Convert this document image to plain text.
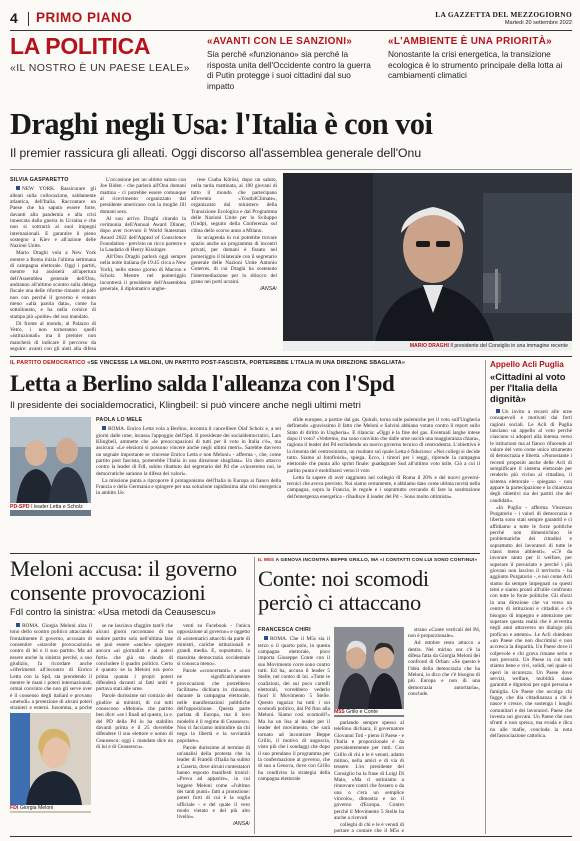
4	PRIMO PIANO	LA GAZZETTA DEL MEZZOGIORNO
Martedì 20 settembre 2022
LA POLITICA
«IL NOSTRO È UN PAESE LEALE»
«AVANTI CON LE SANZIONI»
Sia perché «funzionano» sia perché la risposta unita dell'Occidente contro la guerra di Putin protegge i suoi cittadini dal suo impatto
«L'AMBIENTE È UNA PRIORITÀ»
Nonostante la crisi energetica, la transizione ecologica è lo strumento principale della lotta ai cambiamenti climatici
Draghi negli Usa: l'Italia è con voi
Il premier rassicura gli alleati. Oggi discorso all'assemblea generale dell'Onu
SILVIA GASPARETTO

NEW YORK. Rassicurare gli alleati sulla collocazione, saldamente atlantica, dell'Italia. Raccontare un Paese che ha saputo essere forte, davanti alla pandemia e alla crisi innescata dalla guerra in Ucraina e che non si sottrarrà ai suoi impegni internazionali. E garantire il pieno sostegno a Kiev e all'azione delle Nazioni Unite.

Mario Draghi vola a New York mentre a Roma inizia l'ultima settimana di campagna elettorale. Oggi i partiti, mentre lui assisterà all'apertura dell'Assemblea generale dell'Onu, andranno all'ultimo scontro sulla delega fiscale una delle riforme rimaste al palo non con perché il governo è venuto meno «alla parola data», come ha sottolineato, e ha nella cornice di stampa più «polite» del suo mandato.

Di fronte al mondo, al Palazzo di Vetro, i non torneranno quelli «istituzionali» ma il premier non mancherà di indicare il percorso da seguire: avanti con gli aiuti alla difesa

L'occasione per un ultimo saluto con Joe Biden - che parlerà all'Onu domani mattina - ci potrebbe essere comunque al ricevimento organizzato dal presidente americano con la moglie Jill domani sera.

Al suo arrivo Draghi citando la cerimonia dell'Annual Award Dinner, dopo aver ricevuto il World Statesman Award 2022 dell'Appeal of Conscience Foundation - previsto un ricco parterre e la Laudatio di Henry Kissinger.

All'Onu Draghi parlerà oggi sempre nella notte italiana (le 19.45 circa a New York), nello stesso giorno di Macron e Scholz. Mentre nel pomeriggio incontrerà il presidente dell'Assemblea generale, il diplomatico unghe-

rese Csaba Kőrösi, dopo un saluto, nella tarda mattinata, ai 100 giovani di tutto il mondo che partecipano all'evento «Youth4Climate», organizzato dal ministero della Transizione Ecologica e dal Programma delle Nazioni Unite per lo Sviluppo (Undp), seguito della Conferenza sul clima dello scorso anno a Milano.

In un'agenda in cui potrebbe trovare spazio anche un programma di incontri privati, per domani è fissato nel pomeriggio il bilaterale con il segretario generale delle Nazioni Unite Antonio Guterres, di cui Draghi ha sostenuto l'intermediazione per lo sblocco del grano nei porti ucraini.

/ANSA/
MARIO DRAGHI Il presidente del Consiglio in una immagine recente
IL PARTITO DEMOCRATICO «SE VINCESSE LA MELONI, UN PARTITO POST-FASCISTA, PORTEREBBE L'ITALIA IN UNA DIREZIONE SBAGLIATA»
Letta a Berlino salda l'alleanza con l'Spd
Il presidente dei socialdemocratici, Klingbeil: si può vincere anche negli ultimi metri
PD-SPD I leader Letta e Scholz
PAOLA LO MELE

ROMA. Enrico Letta vola a Berlino, incontra il cancelliere Olaf Scholz e, a sei giorni dalle urne, incassa l'appoggio dell'Spd. Il presidente dei socialdemocratici, Lars Klingbeil, ammette che «le preoccupazioni di tutti per il voto in Italia c'è», ma assicura: «Le elezioni si possono vincere anche negli ultimi metri». Sarebbe davvero un segnale importante se vincesse Enrico Letta e non Meloni» - afferma -, che, come partito post fascista, porterebbe l'Italia in una direzione sbagliata». Un duro attacco contro la leader di FdI, subito ribattuto dal segretario del Pd che «vinceremo noi, le democratiche saranno la difesa dei valori».

La missione punta a riproporre il protagonismo dell'Italia in Europa ai fianco della Francia e della Germania e spingere per una soluzione rapidissima alla crisi energetica in ambito Ue.

sfide europee, a partire dal gas. Quindi, torna sulle polemiche per il voto sull'Ungheria definendo «gravissimo il fatto che Meloni e Salvini abbiano votato contro il report sullo Stato di diritto in Ungheria». E rilancia: «Oggi è la fine del gas. Eventuali larghe intese dopo il voto? «Vedremo, ma sono convinto che dalle urne uscirà una maggioranza chiara», ragiona il leader del Pd escludendo un nuovo governo tecnico di centrodestra. L'obiettivo è la rimonta del centrosinistra, un risultato sul quale Letta è fiducioso: «Nei collegi si decide tutto. Siamo al fotofinish», spiega. Ecco, i timori per i seggi, riprende la campagna elettorale che punta allo sprint finale: guadagnare Sud all'ultimo voto utile. Ciò a cui il partito punta è mobilitarsi verso il voto

Letta fa sapere di aver raggiunto nel collegio di Roma il 20% e dei nuovi governi-tecnici che aveva previsto. Noi siamo certamente, e abbiamo dato come ultima novità nella campagna, sopra la Francia, le regole e i soprattutto cercando di fare la sostituzione dell'emergenza energetica - ribadisce il leader del Pd -. Sono molto ottimista».

Appello Acli Puglia
«Cittadini al voto per l'Italia della dignità»

Un invito a recarsi alle urne consapevoli e motivati dai forti ragioni sociali. Le Acli di Puglia lanciano un appello al voto perché ciascuno si adoperi alla intensa verso le istituzioni ma al fianco rifacendo al valore del voto come unico strumento di democrazia e libertà. «Nonostante i recenti propositi anche delle Acli di semplificare il sistema elettorale per renderlo più vicino al cittadino, il sistema elettorale - spiegano - non appare la partecipazione e la chiarezza degli obiettivi sia dei partiti che dei candidati».

«In Puglia - afferma Vincenzo Purgatorio - i valori di democrazia e liberta sono stati sempre garantiti e ci affidiamo a tutte le forze politiche perché non dimentichino le problematiche dei cittadini e soprattutto dei lavoratori di tutte le classi meno abbienti». «C'è da lavorare tanto per il welfare, per superare il precariato e perché i più giovani non lascino il territorio - ha aggiunto Purgatorio -, e noi come Acli siamo da sempre impegnati su questi temi e siamo pronti all'utile confronto con tutte le forze politiche. Gli sforzi in una direzione che va verso un centro di istituzioni e cittadini e c'è bisogno di impegno e attenzione per superare questa realtà che è avvertita negli anni attraverso un dialogo più proficuo e attento». Le Acli chiedono «un Paese che non discrimini e non accresca la disparità. Un Paese dove il colpevole e chi grava rimane serio e non prevarrà. Un Paese in cui tutti stiamo bene e vivi, solidi, nel quale si operi in sicurezza. Un Paese dove servizi, welfare, mobilità siano garantiti e dignitosi per ogni persona e famiglia. Un Paese che accolga chi fugge, che dia cittadinanza a chi è nasce e cresce, che sostenga i luoghi comunitari e dei lavoratori. Paese che investa sui giovani. Un Paese che non sfrutti e non spreca, ma evada e dica no alle mafie, concluda la nota dell'associazione cattolica.

Meloni accusa: il governo consente provocazioni
FdI contro la sinistra: «Usa metodi da Ceausescu»

ROMA. Giorgia Meloni alza il tono dello scontro politico attaccando frontalmente il governo, accusato di consentire «stavolte provocazioni» contro di lei e il suo partito. Ma ad essere anche la sinistra perché, a suo giudizio, fa ricordare anche «riferimenti all'incontro di Enrico Letta con la Spd, sta prendendo il mentre le mani i poteri internazionali, ormai convinto che non gli serve over è il consenso degli italiani e provano «metodi» a protezione di alcuni poteri stranieri e esterni. Insomma, a poche

FDI Giorgia Meloni

se ne lasciava sfuggire tant'è che alcuni giorni raccontano di un sudore partito solo nell'ultima fase se può essere «anche» spiegare ancora «ai giornalisti e ai poteri forti» che già sta dando di concludere il quadro politico. Certo è quanto: se la Meloni era poco prima quanta i propri poteri difenderà davanti ai fatti uniti e portava stati alle urne.

Parole durissime sul comizio del giudice ai ministri, di cui tutti conoscono «Meloni» che partito ben dice: «se i finali ad questo, la e. del PD della Pd lo ha stabilito davanti prima e il 25 dovrebbe difendere il suo elettore e uomo di Ceausescu: oggi i. mandato dice un di lui e di Ceausescu».

venti su Facebook - l'unica opposizione al governo» e oggetto di «sistematici attacchi da parte di ministri, cariche istituzionali e grandi media. E, soprattutto, la massima democrazia occidentale si conosca meno».

Parole «sconcertanti» e «non ne significativamente provocazioni che potrebbero facilitare» dichiara in chiusura, durante la campagna elettorale, nelle manifestazioni pubbliche dell'opposizione. Questa parte parlata di Europa, ma il loro modello è il regime di Ceausescu. Non ci facciamo intimidire da chi nega la libertà e la sovranità popolare».

Parole durissime al termine di un'analisi della protesta che la leader di Fratelli d'Italia ha subito a Caserta, dove alcuni contestatori hanno esposto manifesti ironici: «Prova ad apparire», in cui leggere Meloni come «l'ultimo dei tanti punti» fatti a protezione: poteri forti di cui è la soglia ufficiale - e del quale il vero modo vietato e del più alto livello».

/ANSA/
IL M5S A GENOVA INCONTRA BEPPE GRILLO, MA «I CONTATTI CON LUI SONO CONTINUI»
Conte: noi scomodi perciò ci attaccano
FRANCESCA CHIRI

ROMA. Che il M5s sia il terzo o il quarto polo, in questa campagna elettorale, poco importa Giuseppe Conte con il suo Movimento corre sono contro tutti. Ed ha, accusa il leader 5 Stelle, nel contro di lui. «Tutte le coalizioni, dei sui poco cartelli elettorali, vorrebbero vederlo fuori il Movimento 5 Stelle. Questo ragazzo ha tutti i soi scomodi politico, dal Pd fino alla Meloni. Siamo così scomodi?» Ma ha un lisa al leader per il leader del movimento, che sarà tornato ad incontrare Beppe Grillo, il motivo di angoscia, visto più che i sondaggi che dopo il suo prendano il programma per la confermazione al governo, che di suo a Genova, dove con Grillo ha condiviso la strategia della campagna elettorale

M5S Grillo e Conte

parlando sempre spesso al telefono dichiara, il governatore Giovanni Toti - pieno il Paese - e l'Italia e proporzionale è da prevalentemente per tutti. Con Grillo di chi e le è venuti, adatto mitino, nella amici e di via di tessere. L'ex presidente del Consiglio ha la frase di Luigi Di Maio, «Ma ci ostiniamo a rinnovare contri che fossero o da una o c'era un semplice vincolo», dimostra e no il governo d'Europa. Contro perché il Movimento 5 Stelle ha anche a ricevuti

colleghi di chi e le è venuti di portare a contare che il M5s e

strano «Conte verticali del Pd, non è proporzionale».

Ad ottobre resto attacco a destra. Nel mirino ora c'è la difesa fatta da Giorgia Meloni dei confronti di Orban: «Se questo è l'idea della democrazia che ha Meloni, io dico che c'è bisogno di più Europa e non di una democrazia autoritaria», conclude.
